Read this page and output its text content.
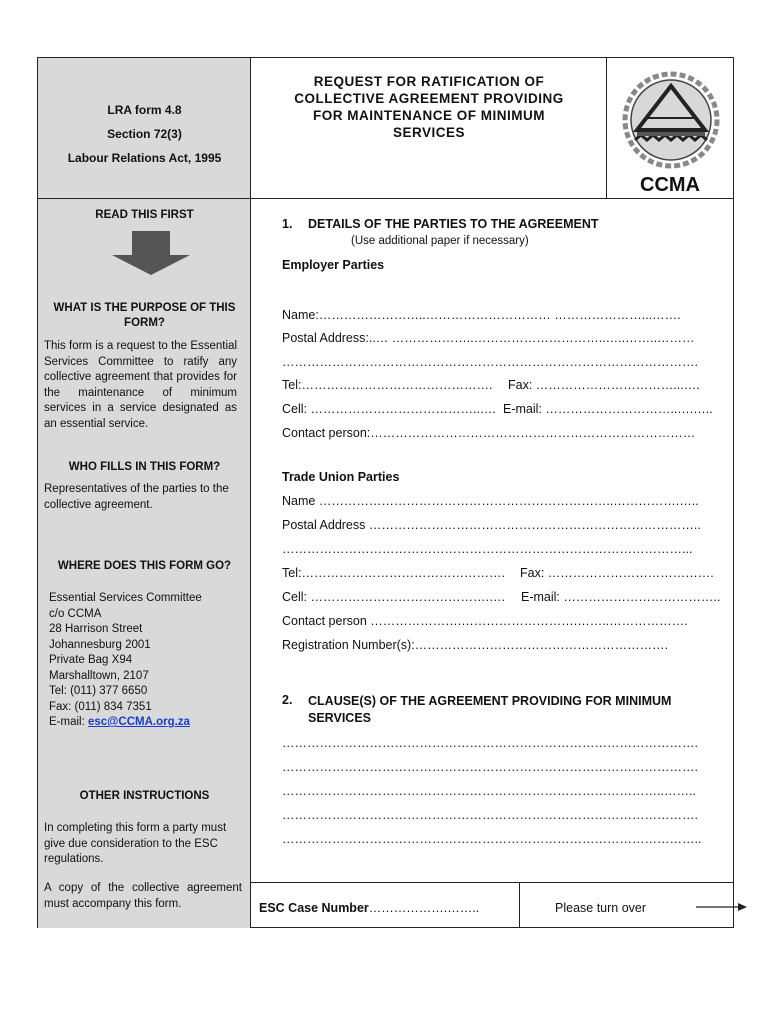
LRA form 4.8
Section 72(3)
Labour Relations Act, 1995
REQUEST FOR RATIFICATION OF
COLLECTIVE AGREEMENT PROVIDING
FOR MAINTENANCE OF MINIMUM
SERVICES
CCMA
READ THIS FIRST
WHAT IS THE PURPOSE OF THIS
FORM?
This form is a request to the Essential Services Committee to ratify any collective agreement that provides for the maintenance of minimum services in a service designated as an essential service.
WHO FILLS IN THIS FORM?
Representatives of the parties to the collective agreement.
WHERE DOES THIS FORM GO?
Essential Services Committee
c/o CCMA
28 Harrison Street
Johannesburg 2001
Private Bag X94
Marshalltown, 2107
Tel: (011) 377 6650
Fax: (011) 834 7351
E-mail: esc@CCMA.org.za
OTHER INSTRUCTIONS
In completing this form a party must give due consideration to the ESC regulations.
A copy of the collective agreement must accompany this form.
1. DETAILS OF THE PARTIES TO THE AGREEMENT
(Use additional paper if necessary)
Employer Parties
Name:……………………..………………………… …………………...…….
Postal Address:..… ………………..…………………………..…..……..………
……………………………………………………………………………………….
Tel:……………………………………….	Fax: ……………………………...….
Cell: …………………………………..…. E-mail: …………………………..….…..
Contact person:……………………………………………………………………
Trade Union Parties
Name ……………………………………………………………..…………….…..
Postal Address ……………………………………………………………………..
……………………………………………………………………………………...
Tel:………………………………………….	Fax: ………………………………….
Cell: …………………………………….….	E-mail: ………………………………..
Contact person ………………….……………………….……..……………….
Registration Number(s):…………………………………………………….
2. CLAUSE(S) OF THE AGREEMENT PROVIDING FOR MINIMUM
SERVICES
……………………………………………………………………………………….
……………………………………………………………………………………….
………………………………………………………………………………..……..
……………………………………………………………………………………….
………………………………………………………………………………………..
ESC Case Number……………….……..	Please turn over
